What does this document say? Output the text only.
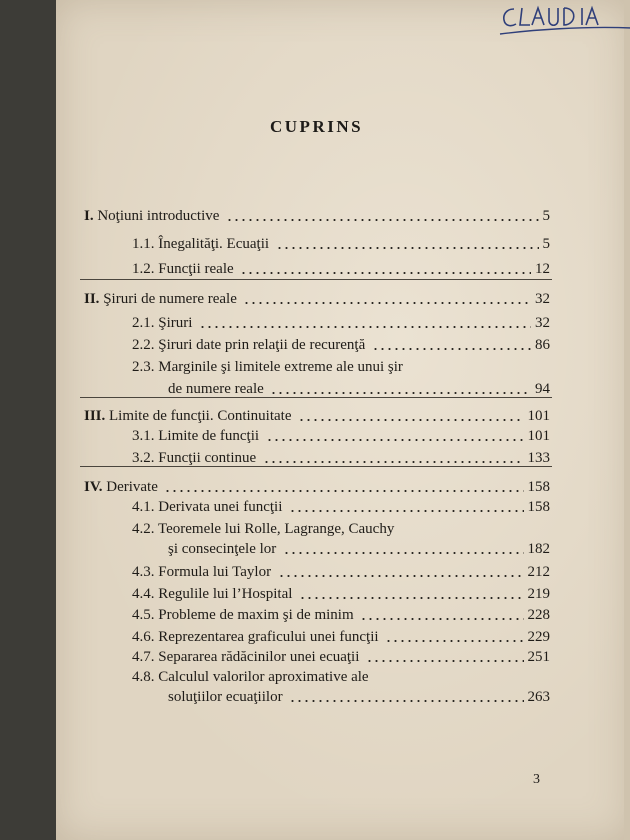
CUPRINS
I. Noţiuni introductive	5
1.1. Înegalităţi. Ecuaţii	5
1.2. Funcţii reale	12
II. Şiruri de numere reale	32
2.1. Şiruri	32
2.2. Şiruri date prin relaţii de recurenţă	86
2.3. Marginile şi limitele extreme ale unui şir
de numere reale	94
III. Limite de funcţii. Continuitate	101
3.1. Limite de funcţii	101
3.2. Funcţii continue	133
IV. Derivate	158
4.1. Derivata unei funcţii	158
4.2. Teoremele lui Rolle, Lagrange, Cauchy
şi consecinţele lor	182
4.3. Formula lui Taylor	212
4.4. Regulile lui l’Hospital	219
4.5. Probleme de maxim şi de minim	228
4.6. Reprezentarea graficului unei funcţii	229
4.7. Separarea rădăcinilor unei ecuaţii	251
4.8. Calculul valorilor aproximative ale
soluţiilor ecuaţiilor	263
3
